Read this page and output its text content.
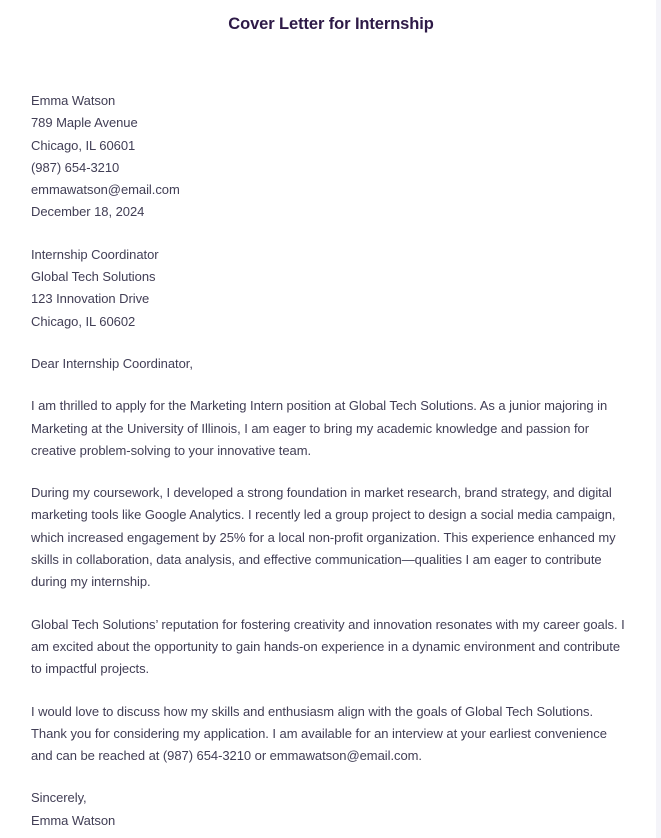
Cover Letter for Internship
Emma Watson
789 Maple Avenue
Chicago, IL 60601
(987) 654-3210
emmawatson@email.com
December 18, 2024
Internship Coordinator
Global Tech Solutions
123 Innovation Drive
Chicago, IL 60602

Dear Internship Coordinator,

I am thrilled to apply for the Marketing Intern position at Global Tech Solutions. As a junior majoring in Marketing at the University of Illinois, I am eager to bring my academic knowledge and passion for creative problem-solving to your innovative team.

During my coursework, I developed a strong foundation in market research, brand strategy, and digital marketing tools like Google Analytics. I recently led a group project to design a social media campaign, which increased engagement by 25% for a local non-profit organization. This experience enhanced my skills in collaboration, data analysis, and effective communication—qualities I am eager to contribute during my internship.

Global Tech Solutions’ reputation for fostering creativity and innovation resonates with my career goals. I am excited about the opportunity to gain hands-on experience in a dynamic environment and contribute to impactful projects.

I would love to discuss how my skills and enthusiasm align with the goals of Global Tech Solutions. Thank you for considering my application. I am available for an interview at your earliest convenience and can be reached at (987) 654-3210 or emmawatson@email.com.

Sincerely,
Emma Watson
